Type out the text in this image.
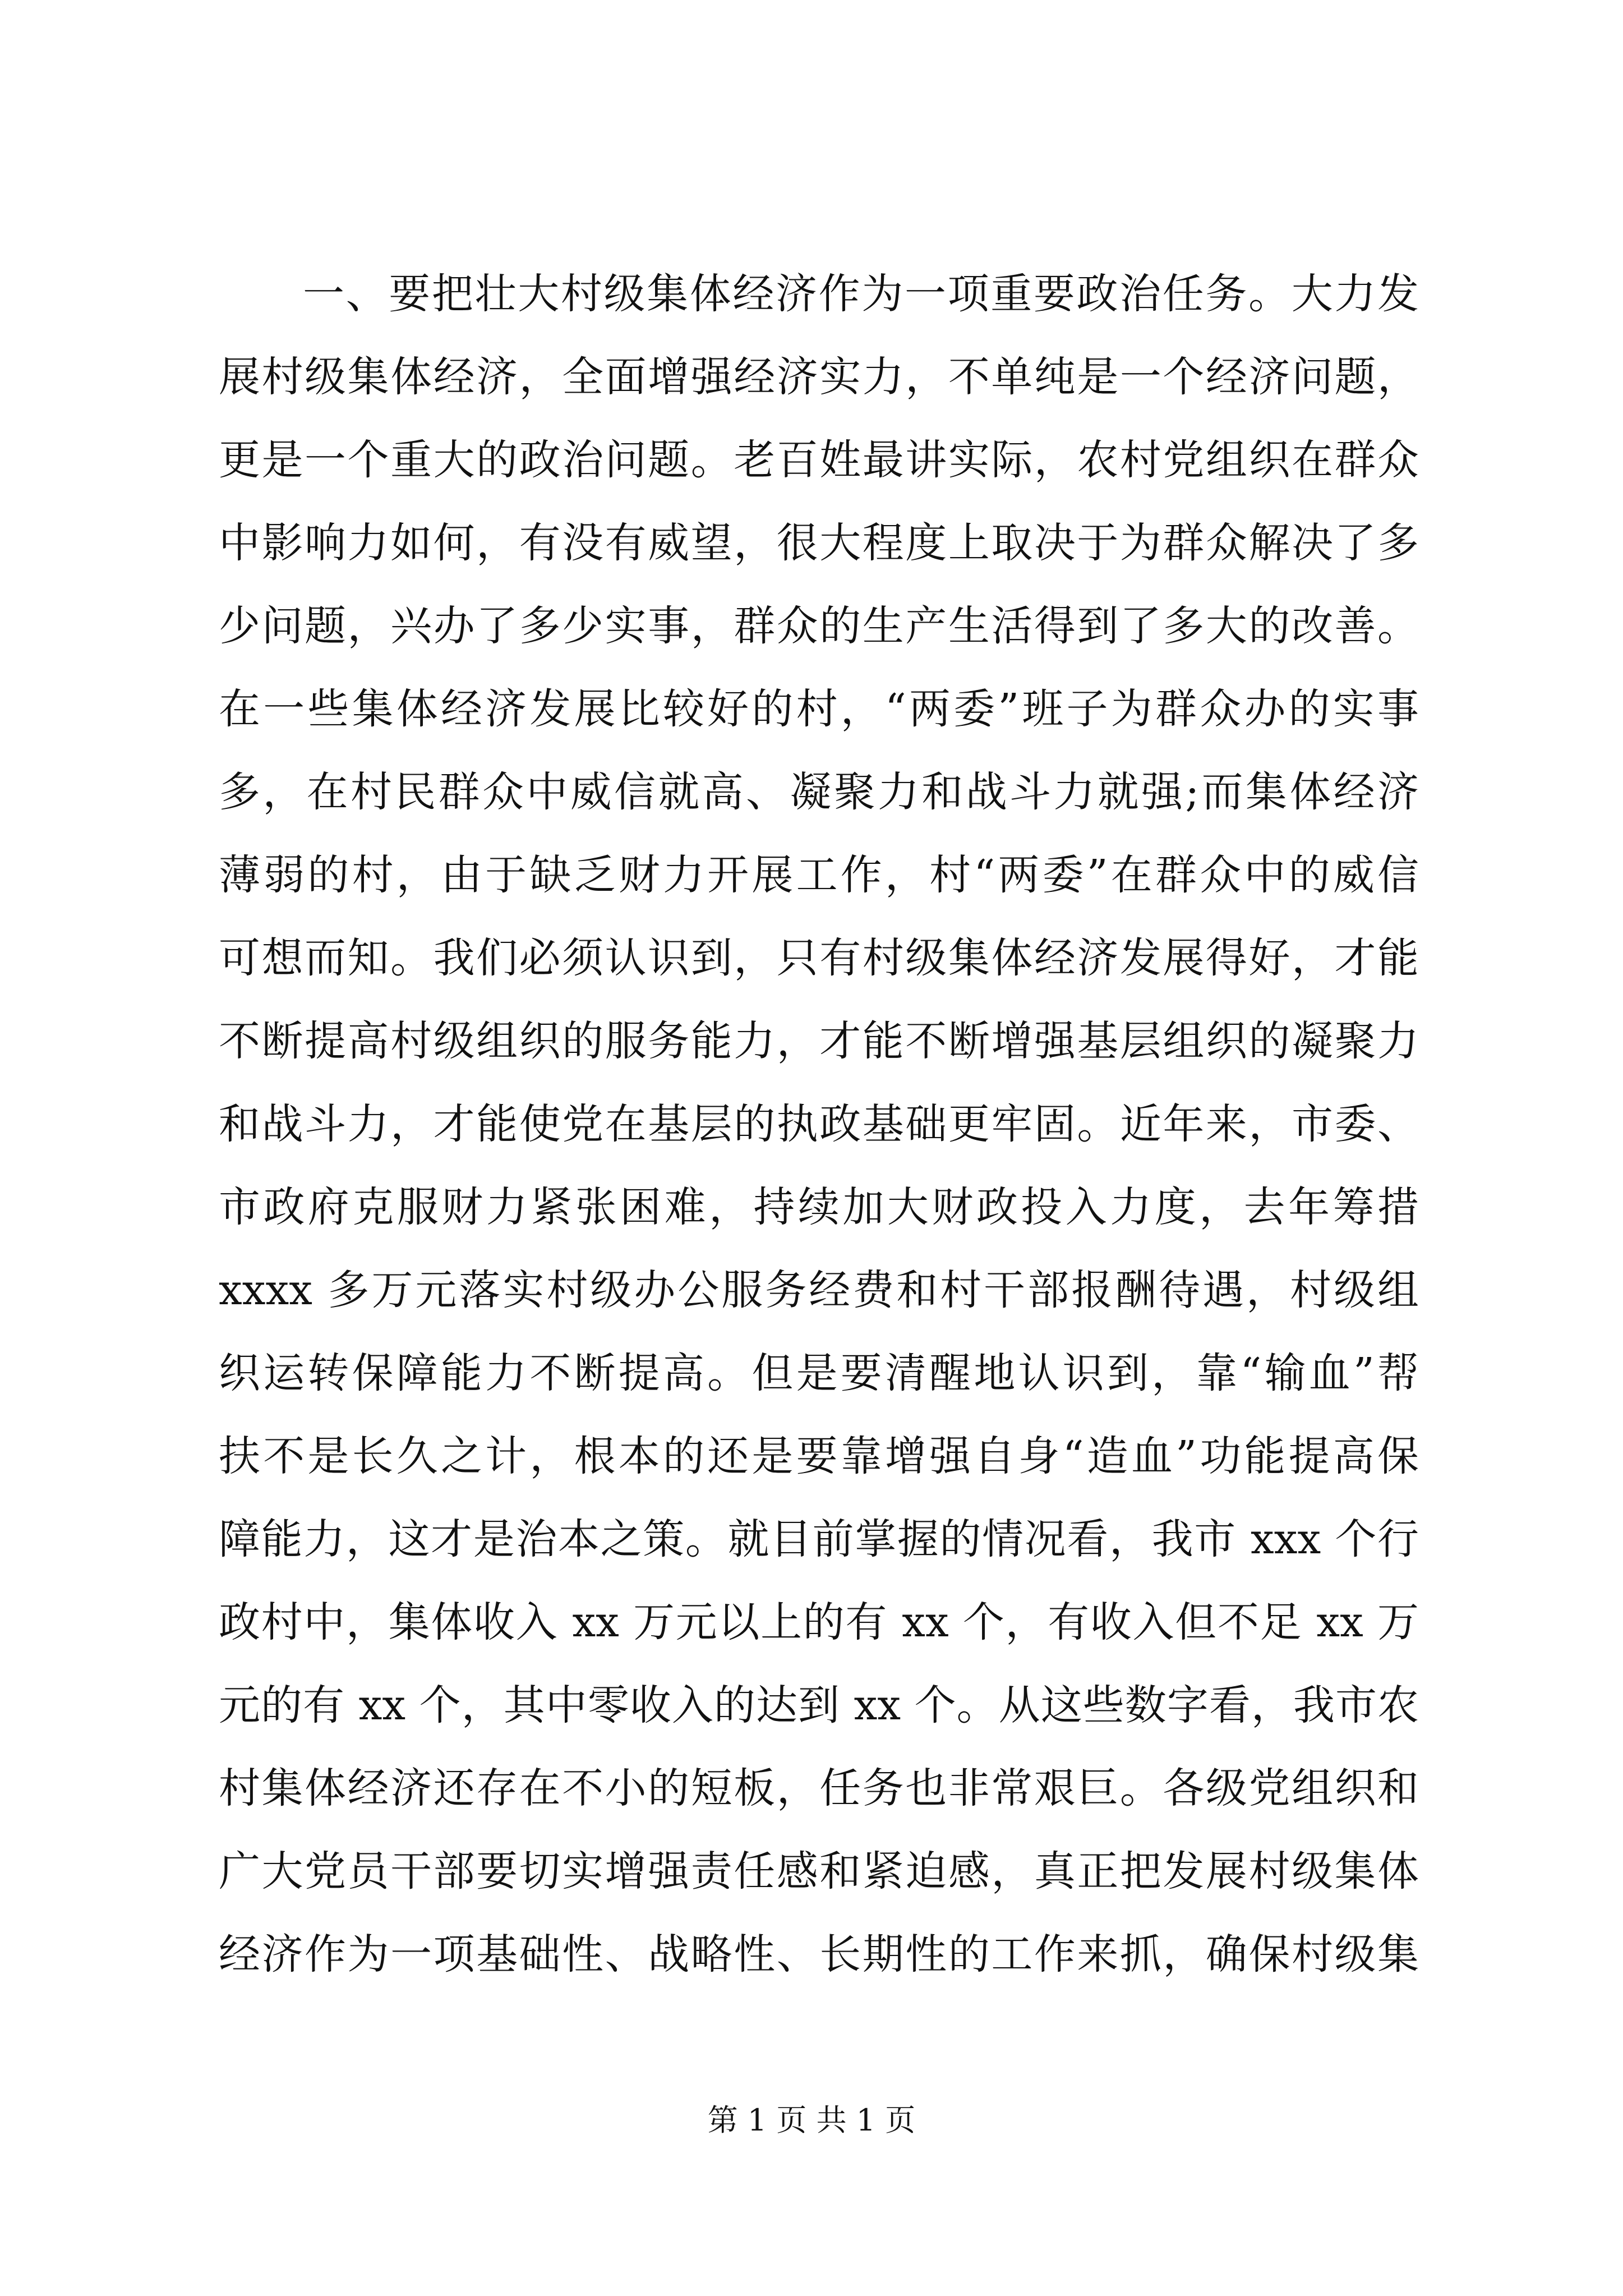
一、要把壮大村级集体经济作为一项重要政治任务。大力发
展村级集体经济，全面增强经济实力，不单纯是一个经济问题，
更是一个重大的政治问题。老百姓最讲实际，农村党组织在群众
中影响力如何，有没有威望，很大程度上取决于为群众解决了多
少问题，兴办了多少实事，群众的生产生活得到了多大的改善。
在一些集体经济发展比较好的村，“两委”班子为群众办的实事
多，在村民群众中威信就高、凝聚力和战斗力就强;而集体经济
薄弱的村，由于缺乏财力开展工作，村“两委”在群众中的威信
可想而知。我们必须认识到，只有村级集体经济发展得好，才能
不断提高村级组织的服务能力，才能不断增强基层组织的凝聚力
和战斗力，才能使党在基层的执政基础更牢固。近年来，市委、
市政府克服财力紧张困难，持续加大财政投入力度，去年筹措
xxxx 多万元落实村级办公服务经费和村干部报酬待遇，村级组
织运转保障能力不断提高。但是要清醒地认识到，靠“输血”帮
扶不是长久之计，根本的还是要靠增强自身“造血”功能提高保
障能力，这才是治本之策。就目前掌握的情况看，我市 xxx 个行
政村中，集体收入 xx 万元以上的有 xx 个，有收入但不足 xx 万
元的有 xx 个，其中零收入的达到 xx 个。从这些数字看，我市农
村集体经济还存在不小的短板，任务也非常艰巨。各级党组织和
广大党员干部要切实增强责任感和紧迫感，真正把发展村级集体
经济作为一项基础性、战略性、长期性的工作来抓，确保村级集
第 1 页 共 1 页
